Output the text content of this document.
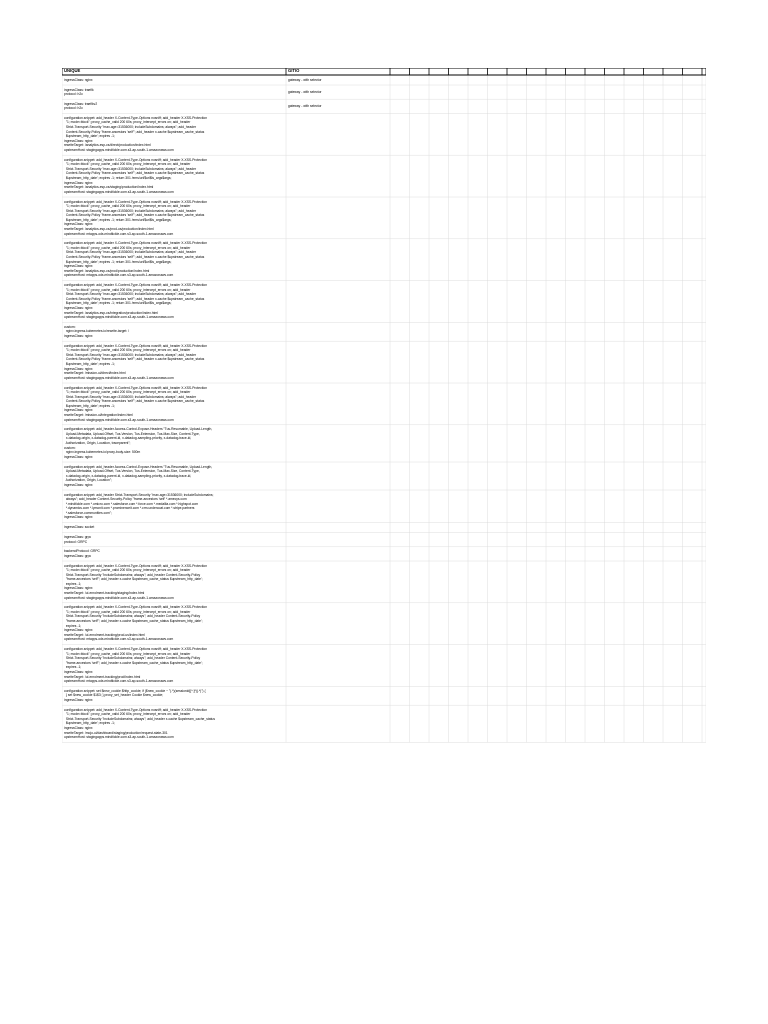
UNIQUE	GITIO
ingressClass: nginx	gateway - with selector
ingressClass: traefik
protocol: h2c	gateway - with selector
ingressClass: traefikv2
protocol: h2c	gateway - with selector
configuration.snippet: add_header X-Content-Type-Options nosniff; add_header X-XSS-Protection
"1; mode=block"; proxy_cache_valid 200 60s; proxy_intercept_errors on; add_header
Strict-Transport-Security "max-age=31536000; includeSubdomains; always"; add_header
Content-Security-Policy "frame-ancestors 'self'"; add_header x-cache $upstream_cache_status
$upstream_http_date'; expires -1;
ingressClass: nginx
rewriteTarget: /analytics-esp-cs/direct/production/index.html
upstreamHost: stagingapps.mindtickle.com.s3-ap-south-1.amazonaws.com
configuration.snippet: add_header X-Content-Type-Options nosniff; add_header X-XSS-Protection
"1; mode=block"; proxy_cache_valid 200 60s; proxy_intercept_errors on; add_header
Strict-Transport-Security "max-age=31536000; includeSubdomains; always"; add_header
Content-Security-Policy "frame-ancestors 'self'"; add_header x-cache $upstream_cache_status
$upstream_http_date'; expires -1; return 301 /ems/url/$url$is_args$args;
ingressClass: nginx
rewriteTarget: /analytics-esp-cs/staging/production/index.html
upstreamHost: stagingapps.mindtickle.com.s3-ap-south-1.amazonaws.com
configuration.snippet: add_header X-Content-Type-Options nosniff; add_header X-XSS-Protection
"1; mode=block"; proxy_cache_valid 200 60s; proxy_intercept_errors on; add_header
Strict-Transport-Security "max-age=31536000; includeSubdomains; always"; add_header
Content-Security-Policy "frame-ancestors 'self'"; add_header x-cache $upstream_cache_status
$upstream_http_date'; expires -1; return 301 /ems/url/$url$is_args$args;
ingressClass: nginx
rewriteTarget: /analytics-esp-cs/prod-us/production/index.html
upstreamHost: mtapps-ods.mindtickle.com.s3-ap-south-1.amazonaws.com
configuration.snippet: add_header X-Content-Type-Options nosniff; add_header X-XSS-Protection
"1; mode=block"; proxy_cache_valid 200 60s; proxy_intercept_errors on; add_header
Strict-Transport-Security "max-age=31536000; includeSubdomains; always"; add_header
Content-Security-Policy "frame-ancestors 'self'"; add_header x-cache $upstream_cache_status
$upstream_http_date'; expires -1; return 301 /ems/url/$url$is_args$args;
ingressClass: nginx
rewriteTarget: /analytics-esp-cs/prod/production/index.html
upstreamHost: mtapps-ods.mindtickle.com.s3-ap-south-1.amazonaws.com
configuration.snippet: add_header X-Content-Type-Options nosniff; add_header X-XSS-Protection
"1; mode=block"; proxy_cache_valid 200 60s; proxy_intercept_errors on; add_header
Strict-Transport-Security "max-age=31536000; includeSubdomains; always"; add_header
Content-Security-Policy "frame-ancestors 'self'"; add_header x-cache $upstream_cache_status
$upstream_http_date'; expires -1; return 301 /ems/url/$url$is_args$args;
ingressClass: nginx
rewriteTarget: /analytics-esp-cs/integration/production/index.html
upstreamHost: stagingapps.mindtickle.com.s3-ap-south-1.amazonaws.com
custom:
nginx.ingress.kubernetes.io/rewrite-target: /
ingressClass: nginx
configuration.snippet: add_header X-Content-Type-Options nosniff; add_header X-XSS-Protection
"1; mode=block"; proxy_cache_valid 200 60s; proxy_intercept_errors on; add_header
Strict-Transport-Security "max-age=31536000; includeSubdomains; always"; add_header
Content-Security-Policy "frame-ancestors 'self'"; add_header x-cache $upstream_cache_status
$upstream_http_date'; expires -1;
ingressClass: nginx
rewriteTarget: /mission-ui/direct/index.html
upstreamHost: stagingapps.mindtickle.com.s3-ap-south-1.amazonaws.com
configuration.snippet: add_header X-Content-Type-Options nosniff; add_header X-XSS-Protection
"1; mode=block"; proxy_cache_valid 200 60s; proxy_intercept_errors on; add_header
Strict-Transport-Security "max-age=31536000; includeSubdomains; always"; add_header
Content-Security-Policy "frame-ancestors 'self'"; add_header x-cache $upstream_cache_status
$upstream_http_date'; expires -1;
ingressClass: nginx
rewriteTarget: /mission-ui/integration/index.html
upstreamHost: stagingapps.mindtickle.com.s3-ap-south-1.amazonaws.com
configuration.snippet: add_header Access-Control-Expose-Headers "Tus-Resumable, Upload-Length,
Upload-Metadata, Upload-Offset, Tus-Version, Tus-Extension, Tus-Max-Size, Content-Type,
x-datadog-origin, x-datadog-parent-id, x-datadog-sampling-priority, x-datadog-trace-id,
Authorization, Origin, Location, traceparent";
custom:
nginx.ingress.kubernetes.io/proxy-body-size: 500m
ingressClass: nginx
configuration.snippet: add_header Access-Control-Expose-Headers "Tus-Resumable, Upload-Length,
Upload-Metadata, Upload-Offset, Tus-Version, Tus-Extension, Tus-Max-Size, Content-Type,
x-datadog-origin, x-datadog-parent-id, x-datadog-sampling-priority, x-datadog-trace-id,
Authorization, Origin, Location";
ingressClass: nginx
configuration.snippet: add_header Strict-Transport-Security "max-age=31536000; includeSubdomains;
always"; add_header Content-Security-Policy "frame-ancestors 'self' *.amecys.com
*.mindtickle.com *.omicro.com *.salesforce.com *.force.com *.medallia.com *.highspot.com
*.dynamics.com *.lymonit.com *.prominenceit.com *.crm.undercoat.com *.stripe.partners
*.salesforce-communities.com";
ingressClass: nginx
ingressClass: socket
ingressClass: grpc
protocol: GRPC
backendProtocol: GRPC
ingressClass: grpc
configuration.snippet: add_header X-Content-Type-Options nosniff; add_header X-XSS-Protection
"1; mode=block"; proxy_cache_valid 200 60s; proxy_intercept_errors on; add_header
Strict-Transport-Security "includeSubdomains; always"; add_header Content-Security-Policy
"frame-ancestors 'self'"; add_header x-cache $upstream_cache_status $upstream_http_date';
expires -1;
ingressClass: nginx
rewriteTarget: /ui-enrolment-tracking/staging/index.html
upstreamHost: stagingapps.mindtickle.com.s3-ap-south-1.amazonaws.com
configuration.snippet: add_header X-Content-Type-Options nosniff; add_header X-XSS-Protection
"1; mode=block"; proxy_cache_valid 200 60s; proxy_intercept_errors on; add_header
Strict-Transport-Security "includeSubdomains; always"; add_header Content-Security-Policy
"frame-ancestors 'self'"; add_header x-cache $upstream_cache_status $upstream_http_date';
expires -1;
ingressClass: nginx
rewriteTarget: /ui-enrolment-tracking/prod-us/index.html
upstreamHost: mtapps-ods.mindtickle.com.s3-ap-south-1.amazonaws.com
configuration.snippet: add_header X-Content-Type-Options nosniff; add_header X-XSS-Protection
"1; mode=block"; proxy_cache_valid 200 60s; proxy_intercept_errors on; add_header
Strict-Transport-Security "includeSubdomains; always"; add_header Content-Security-Policy
"frame-ancestors 'self'"; add_header x-cache $upstream_cache_status $upstream_http_date';
expires -1;
ingressClass: nginx
rewriteTarget: /ui-enrolment-tracking/prod/index.html
upstreamHost: mtapps-ods.mindtickle.com.s3-ap-south-1.amazonaws.com
configuration.snippet: set $new_cookie $http_cookie; if ($new_cookie ~ "(.*)(sessionid|[^;]*)(.*)") {
} set $new_cookie $1$3; } proxy_set_header Cookie $new_cookie;
ingressClass: nginx
configuration.snippet: add_header X-Content-Type-Options nosniff; add_header X-XSS-Protection
"1; mode=block"; proxy_cache_valid 200 60s; proxy_intercept_errors on; add_header
Strict-Transport-Security "includeSubdomains; always"; add_header x-cache $upstream_cache_status
$upstream_http_date'; expires -1;
ingressClass: nginx
rewriteTarget: /mojo-ui/dashboard/staging/production/request-state-301
upstreamHost: stagingapps.mindtickle.com.s3-ap-south-1.amazonaws.com
